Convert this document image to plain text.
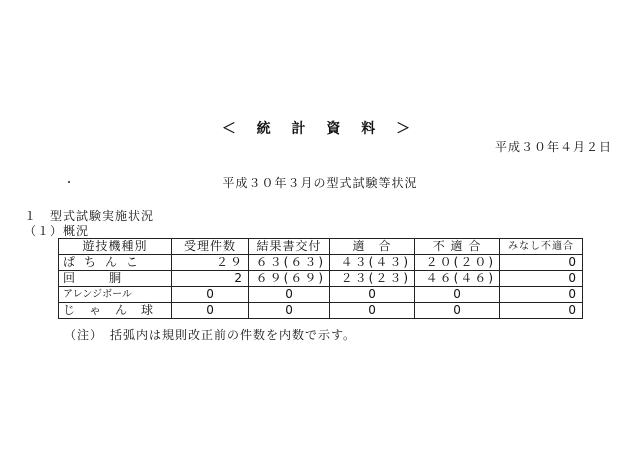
＜ 統 計 資 料 ＞
平成３０年４月２日
平成３０年３月の型式試験等状況
１　型式試験実施状況
（１）概況
遊技機種別	受理件数	結果書交付	適　合	不 適 合	みなし不適合
ぱちんこ	２９	６３(６３)	４３(４３)	２０(２０)	0
回胴	2	６９(６９)	２３(２３)	４６(４６)	0
アレンジボール	0	0	0	0	0
じゃん球	0	0	0	0	0
（注）　括弧内は規則改正前の件数を内数で示す。
